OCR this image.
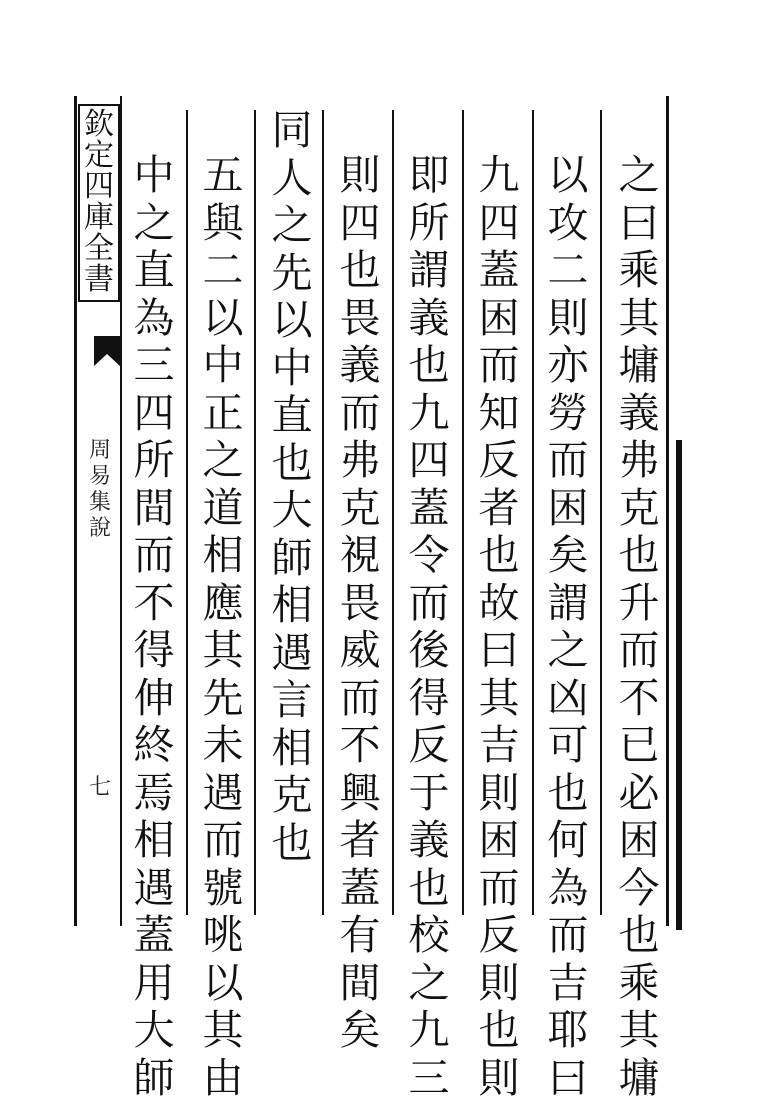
欽
定
四
庫
全
書
周
易
集
說
七
之
曰
乘
其
墉
義
弗
克
也
升
而
不
已
必
困
今
也
乘
其
墉
以
攻
二
則
亦
勞
而
困
矣
謂
之
凶
可
也
何
為
而
吉
耶
曰
九
四
蓋
困
而
知
反
者
也
故
曰
其
吉
則
困
而
反
則
也
則
即
所
謂
義
也
九
四
蓋
令
而
後
得
反
于
義
也
校
之
九
三
則
四
也
畏
義
而
弗
克
視
畏
威
而
不
興
者
蓋
有
間
矣
同
人
之
先
以
中
直
也
大
師
相
遇
言
相
克
也
五
與
二
以
中
正
之
道
相
應
其
先
未
遇
而
號
咷
以
其
由
中
之
直
為
三
四
所
間
而
不
得
伸
終
焉
相
遇
蓋
用
大
師
